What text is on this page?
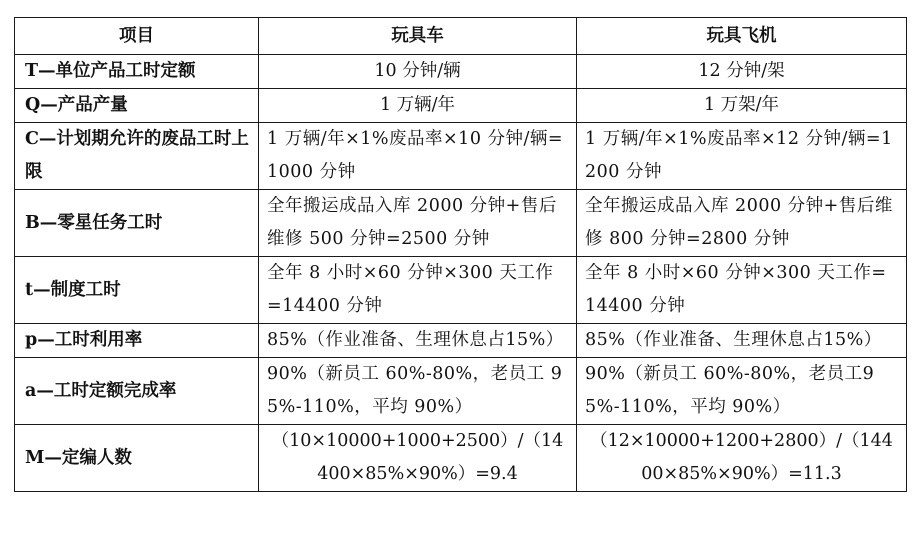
项目	玩具车	玩具飞机
T—单位产品工时定额	10 分钟/辆	12 分钟/架
Q—产品产量	1 万辆/年	1 万架/年
C—计划期允许的废品工时上限	1 万辆/年×1%废品率×10 分钟/辆=1000 分钟	1 万辆/年×1%废品率×12 分钟/辆=1200 分钟
B—零星任务工时	全年搬运成品入库 2000 分钟+售后维修 500 分钟=2500 分钟	全年搬运成品入库 2000 分钟+售后维修 800 分钟=2800 分钟
t—制度工时	全年 8 小时×60 分钟×300 天工作=14400 分钟	全年 8 小时×60 分钟×300 天工作=14400 分钟
p—工时利用率	85%（作业准备、生理休息占15%）	85%（作业准备、生理休息占15%）
a—工时定额完成率	90%（新员工 60%-80%，老员工 95%-110%，平均 90%）	90%（新员工 60%-80%，老员工95%-110%，平均 90%）
M—定编人数	（10×10000+1000+2500）/（14400×85%×90%）=9.4	（12×10000+1200+2800）/（14400×85%×90%）=11.3
